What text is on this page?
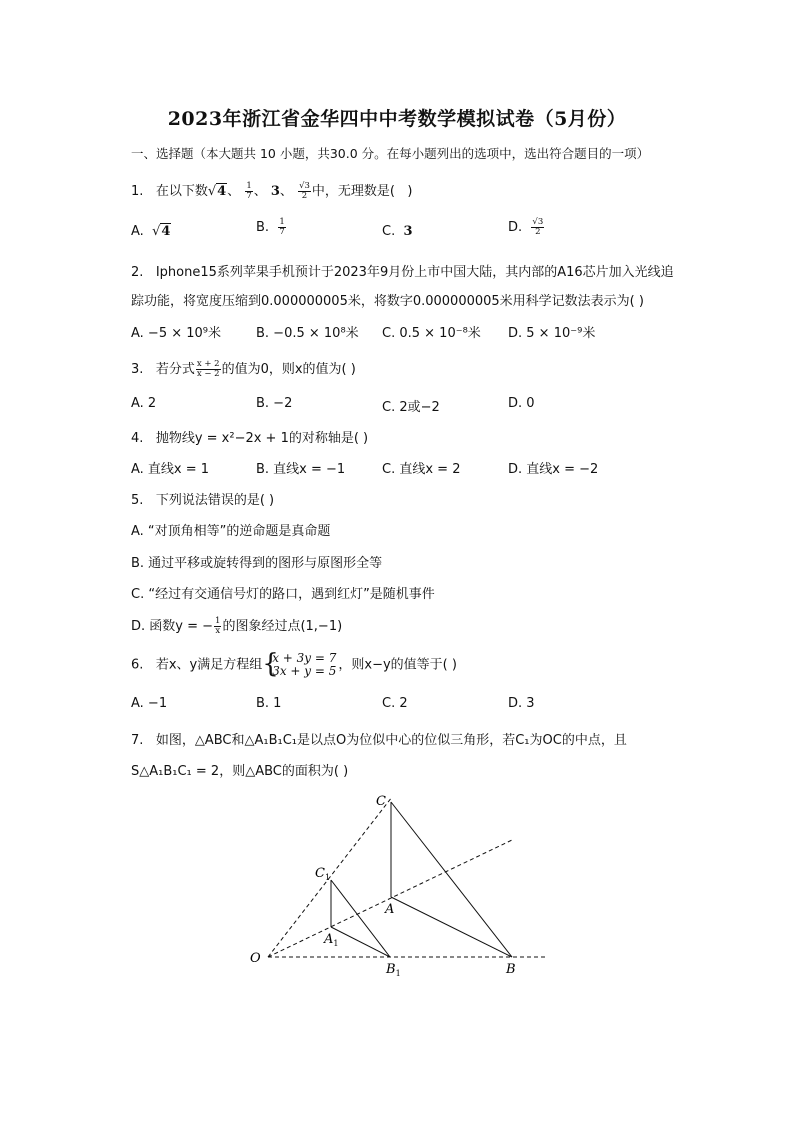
2023年浙江省金华四中中考数学模拟试卷（5月份）
一、选择题（本大题共 10 小题，共30.0 分。在每小题列出的选项中，选出符合题目的一项）
1. 在以下数√4、 $\frac{1}{7}$ 、 3、 $\frac{√3}{2}$ 中，无理数是( )
A. √4	B. $\frac{1}{7}$	C. 3	D. $\frac{√3}{2}$
2. Iphone15系列苹果手机预计于2023年9月份上市中国大陆，其内部的A16芯片加入光线追
踪功能，将宽度压缩到0.000000005米，将数字0.000000005米用科学记数法表示为( )
A. −5 × 10⁹米	B. −0.5 × 10⁸米 C. 0.5 × 10⁻⁸米 D. 5 × 10⁻⁹米
3. 若分式 $\frac{x + 2}{x - 2}$ 的值为0，则x的值为( )
A. 2	B. −2	C. 2或−2	D. 0
4. 抛物线y = x²−2x + 1的对称轴是( )
A. 直线x = 1	B. 直线x = −1	C. 直线x = 2	D. 直线x = −2
5. 下列说法错误的是( )
A. “对顶角相等”的逆命题是真命题
B. 通过平移或旋转得到的图形与原图形全等
C. “经过有交通信号灯的路口，遇到红灯”是随机事件
D. 函数y = − $\frac{1}{x}$ 的图象经过点(1,−1)
6. 若x、y满足方程组 {
x + 3y = 7
3x + y = 5 ，则x−y的值等于( )
A. −1	B. 1	C. 2	D. 3
7. 如图，△ABC和△A₁B₁C₁是以点O为位似中心的位似三角形，若C₁为OC的中点，且
S△A₁B₁C₁ = 2，则△ABC的面积为( )
O
C
A
B
$C_1$
$A_1$
$B_1$
